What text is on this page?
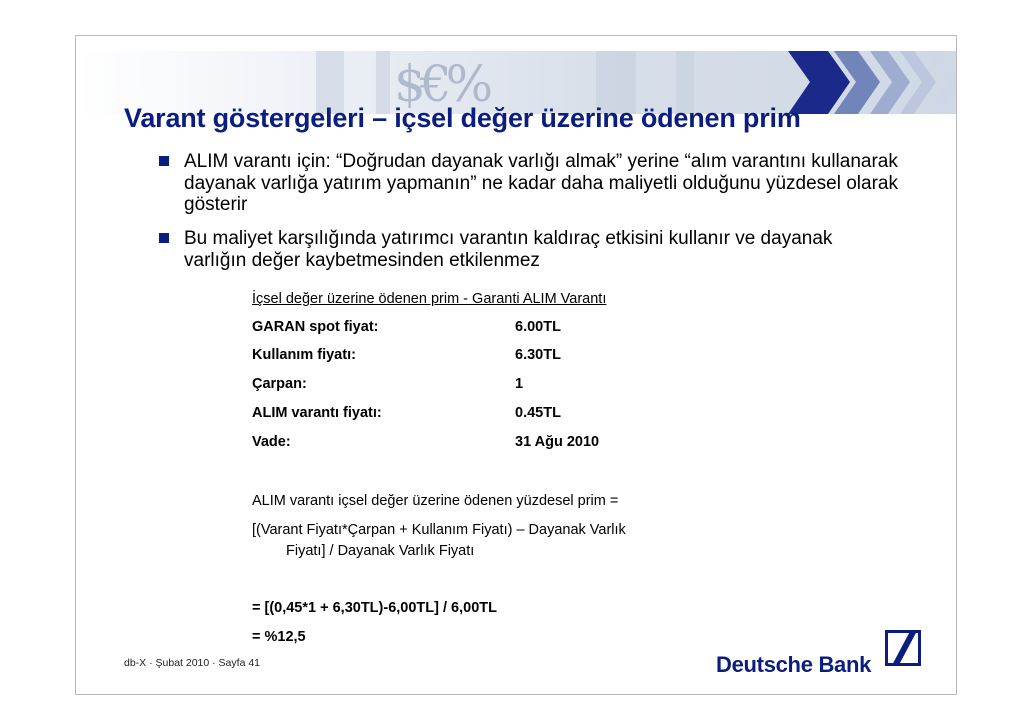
$€%
Varant göstergeleri – içsel değer üzerine ödenen prim
ALIM varantı için: “Doğrudan dayanak varlığı almak” yerine “alım varantını kullanarak dayanak varlığa yatırım yapmanın” ne kadar daha maliyetli olduğunu yüzdesel olarak gösterir
Bu maliyet karşılığında yatırımcı varantın kaldıraç etkisini kullanır ve dayanak varlığın değer kaybetmesinden etkilenmez
İçsel değer üzerine ödenen prim - Garanti ALIM Varantı
GARAN spot fiyat:	6.00TL
Kullanım fiyatı:	6.30TL
Çarpan:	1
ALIM varantı fiyatı:	0.45TL
Vade:	31 Ağu 2010
ALIM varantı içsel değer üzerine ödenen yüzdesel prim =
[(Varant Fiyatı*Çarpan + Kullanım Fiyatı) – Dayanak Varlık
Fiyatı] / Dayanak Varlık Fiyatı
= [(0,45*1 + 6,30TL)-6,00TL] / 6,00TL
= %12,5
db-X · Şubat 2010 · Sayfa 41	Deutsche Bank
